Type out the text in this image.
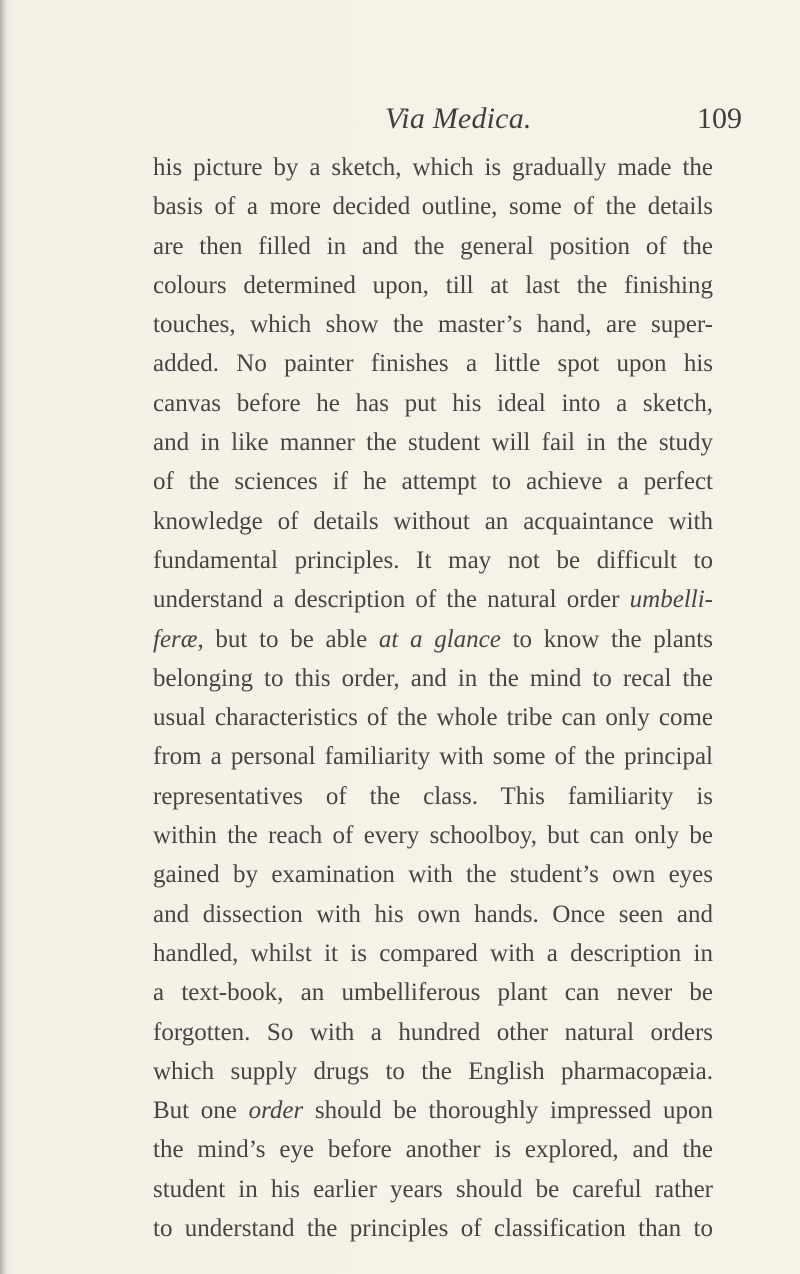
Via Medica.	109
his picture by a sketch, which is gradually made the
basis of a more decided outline, some of the details
are then filled in and the general position of the
colours determined upon, till at last the finishing
touches, which show the master’s hand, are super-
added. No painter finishes a little spot upon his
canvas before he has put his ideal into a sketch,
and in like manner the student will fail in the study
of the sciences if he attempt to achieve a perfect
knowledge of details without an acquaintance with
fundamental principles. It may not be difficult to
understand a description of the natural order umbelli-
feræ, but to be able at a glance to know the plants
belonging to this order, and in the mind to recal the
usual characteristics of the whole tribe can only come
from a personal familiarity with some of the principal
representatives of the class. This familiarity is
within the reach of every schoolboy, but can only be
gained by examination with the student’s own eyes
and dissection with his own hands. Once seen and
handled, whilst it is compared with a description in
a text-book, an umbelliferous plant can never be
forgotten. So with a hundred other natural orders
which supply drugs to the English pharmacopæia.
But one order should be thoroughly impressed upon
the mind’s eye before another is explored, and the
student in his earlier years should be careful rather
to understand the principles of classification than to
